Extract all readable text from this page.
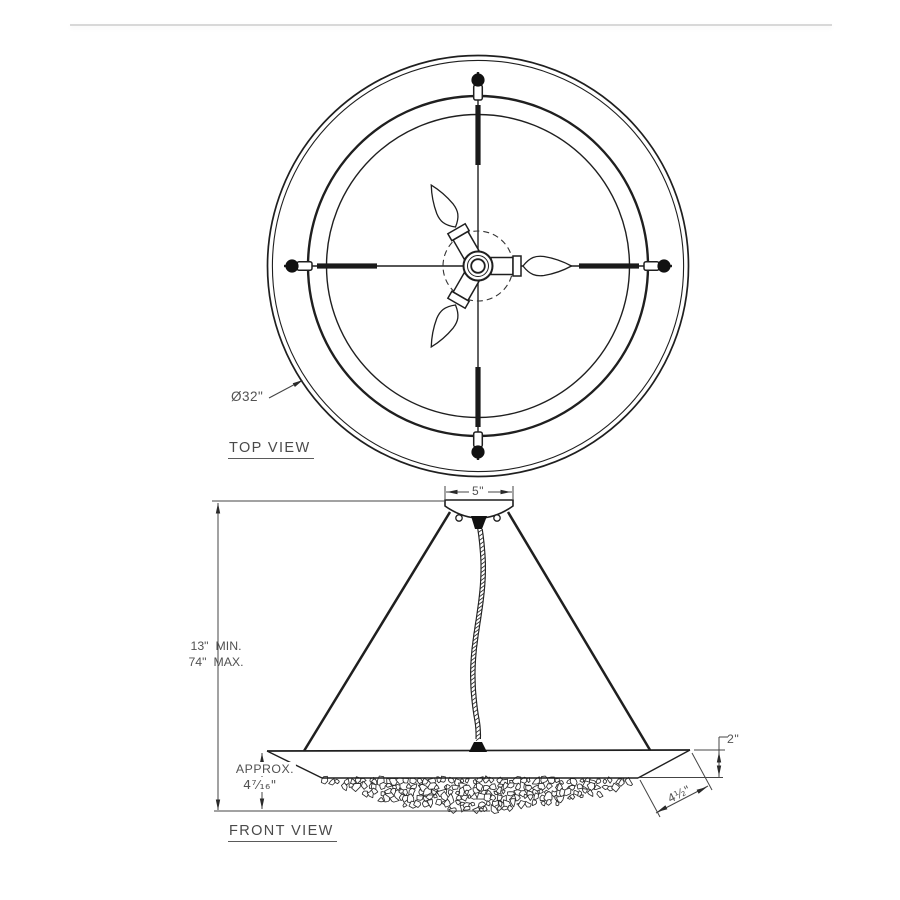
Ø32"
TOP VIEW
5"
13" MIN.
74" MAX.
APPROX.
4⁷⁄₁₆"
2"
4½"
FRONT VIEW
